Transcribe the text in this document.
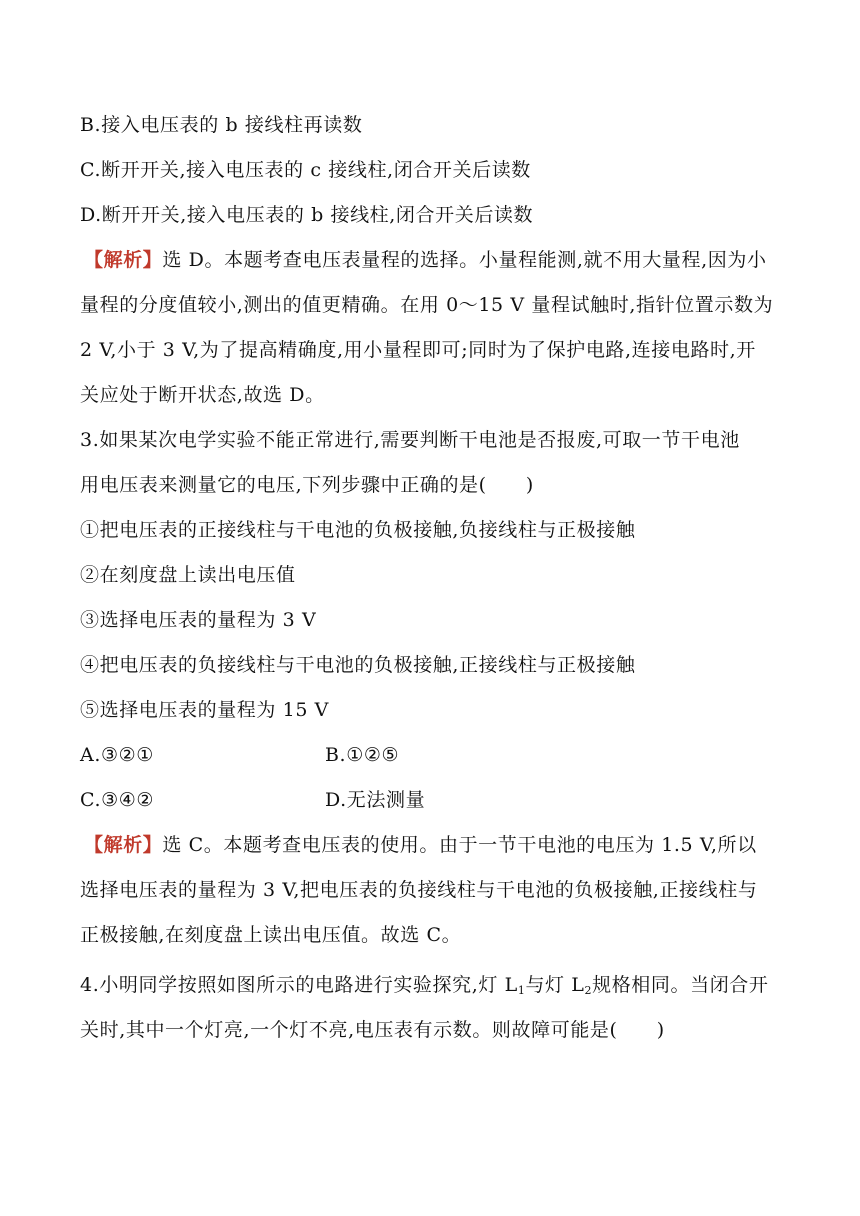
B.接入电压表的 b 接线柱再读数
C.断开开关,接入电压表的 c 接线柱,闭合开关后读数
D.断开开关,接入电压表的 b 接线柱,闭合开关后读数
【解析】选 D。本题考查电压表量程的选择。小量程能测,就不用大量程,因为小
量程的分度值较小,测出的值更精确。在用 0～15 V 量程试触时,指针位置示数为
2 V,小于 3 V,为了提高精确度,用小量程即可;同时为了保护电路,连接电路时,开
关应处于断开状态,故选 D。
3.如果某次电学实验不能正常进行,需要判断干电池是否报废,可取一节干电池
用电压表来测量它的电压,下列步骤中正确的是(　　)
①把电压表的正接线柱与干电池的负极接触,负接线柱与正极接触
②在刻度盘上读出电压值
③选择电压表的量程为 3 V
④把电压表的负接线柱与干电池的负极接触,正接线柱与正极接触
⑤选择电压表的量程为 15 V
A.③②①	B.①②⑤
C.③④②	D.无法测量
【解析】选 C。本题考查电压表的使用。由于一节干电池的电压为 1.5 V,所以
选择电压表的量程为 3 V,把电压表的负接线柱与干电池的负极接触,正接线柱与
正极接触,在刻度盘上读出电压值。故选 C。
4.小明同学按照如图所示的电路进行实验探究,灯 $L_1$与灯 $L_2$规格相同。当闭合开
关时,其中一个灯亮,一个灯不亮,电压表有示数。则故障可能是(　　)
